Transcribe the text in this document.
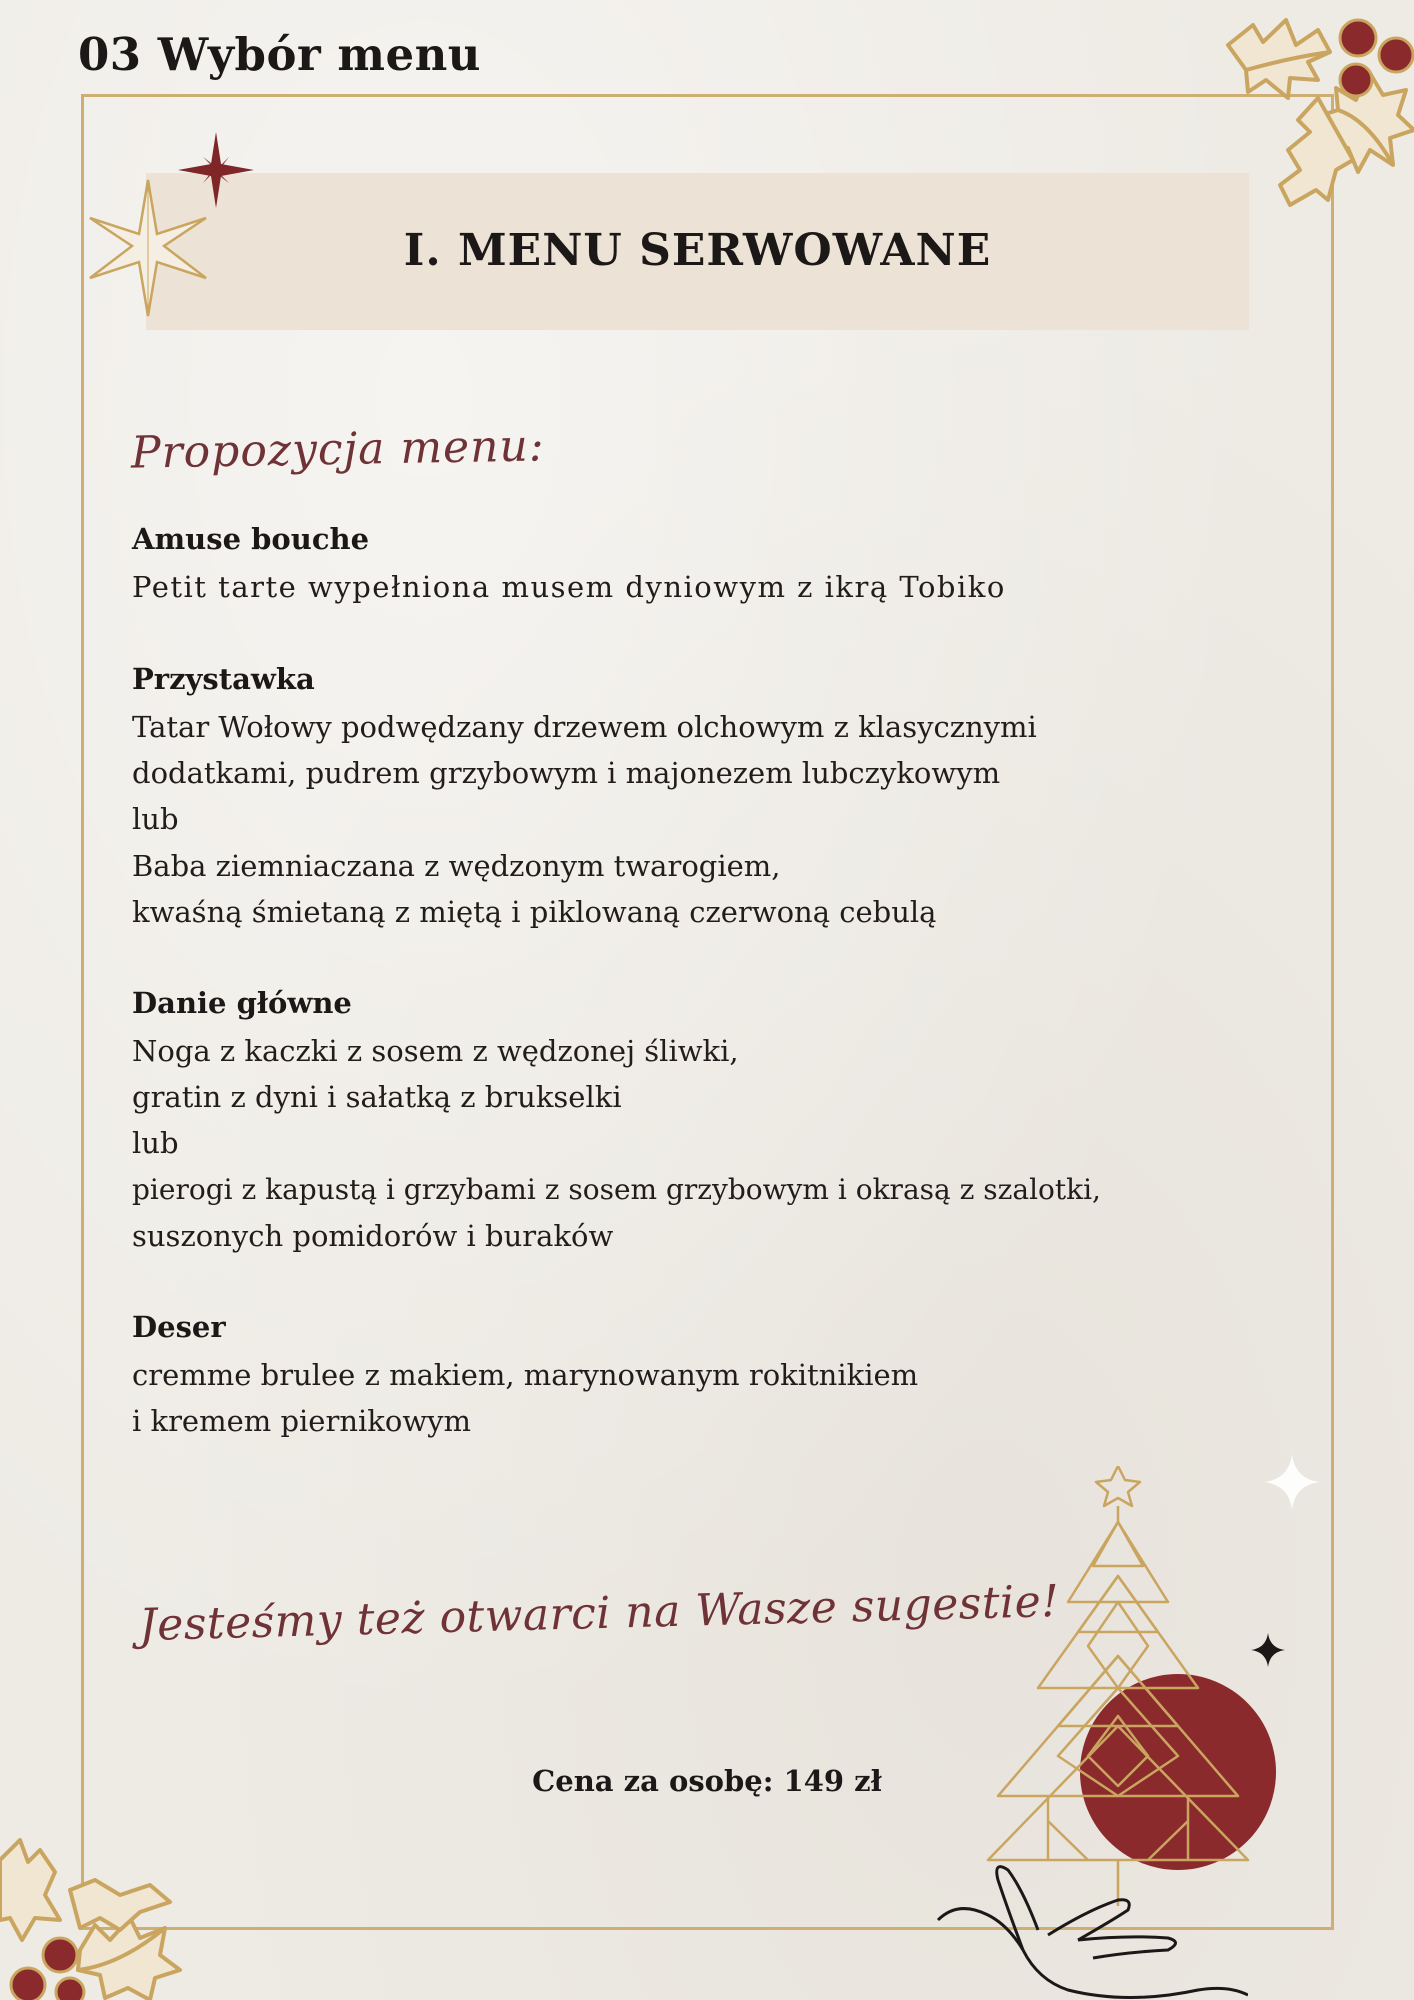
03 Wybór menu
I. MENU SERWOWANE
Propozycja menu:
Amuse bouche
Petit tarte wypełniona musem dyniowym z ikrą Tobiko
Przystawka
Tatar Wołowy podwędzany drzewem olchowym z klasycznymi
dodatkami, pudrem grzybowym i majonezem lubczykowym
lub
Baba ziemniaczana z wędzonym twarogiem,
kwaśną śmietaną z miętą i piklowaną czerwoną cebulą
Danie główne
Noga z kaczki z sosem z wędzonej śliwki,
gratin z dyni i sałatką z brukselki
lub
pierogi z kapustą i grzybami z sosem grzybowym i okrasą z szalotki,
suszonych pomidorów i buraków
Deser
cremme brulee z makiem, marynowanym rokitnikiem
i kremem piernikowym
Jesteśmy też otwarci na Wasze sugestie!
Cena za osobę: 149 zł
